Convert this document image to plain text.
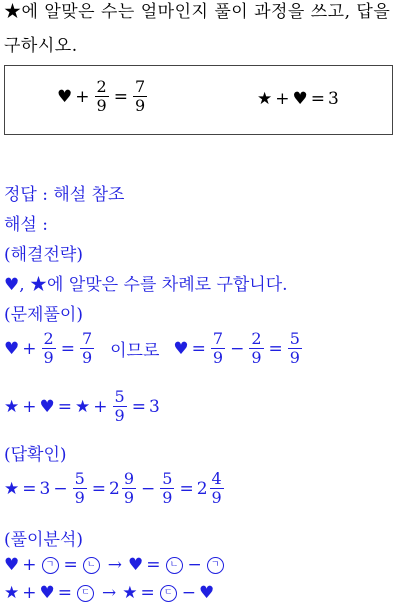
★에 알맞은 수는 얼마인지 풀이 과정을 쓰고, 답을
구하시오.
♥ + $\frac{2}{9} = \frac{7}{9}$	★ + ♥ = 3
정답 : 해설 참조
해설 :
(해결전략)
♥, ★에 알맞은 수를 차례로 구합니다.
(문제풀이)
♥ + $\frac{2}{9} = \frac{7}{9}$ 이므로 ♥ = $\frac{7}{9} - \frac{2}{9} = \frac{5}{9}$
★ + ♥ = ★ + $\frac{5}{9} = 3$
(답확인)
★ = $3 - \frac{5}{9} = 2 \frac{9}{9} - \frac{5}{9} = 2 \frac{4}{9}$
(풀이분석)
♥ +	ㄱ =	ㄴ → ♥ =	ㄴ −	ㄱ
★ + ♥ =	ㄷ → ★ =	ㄷ − ♥
